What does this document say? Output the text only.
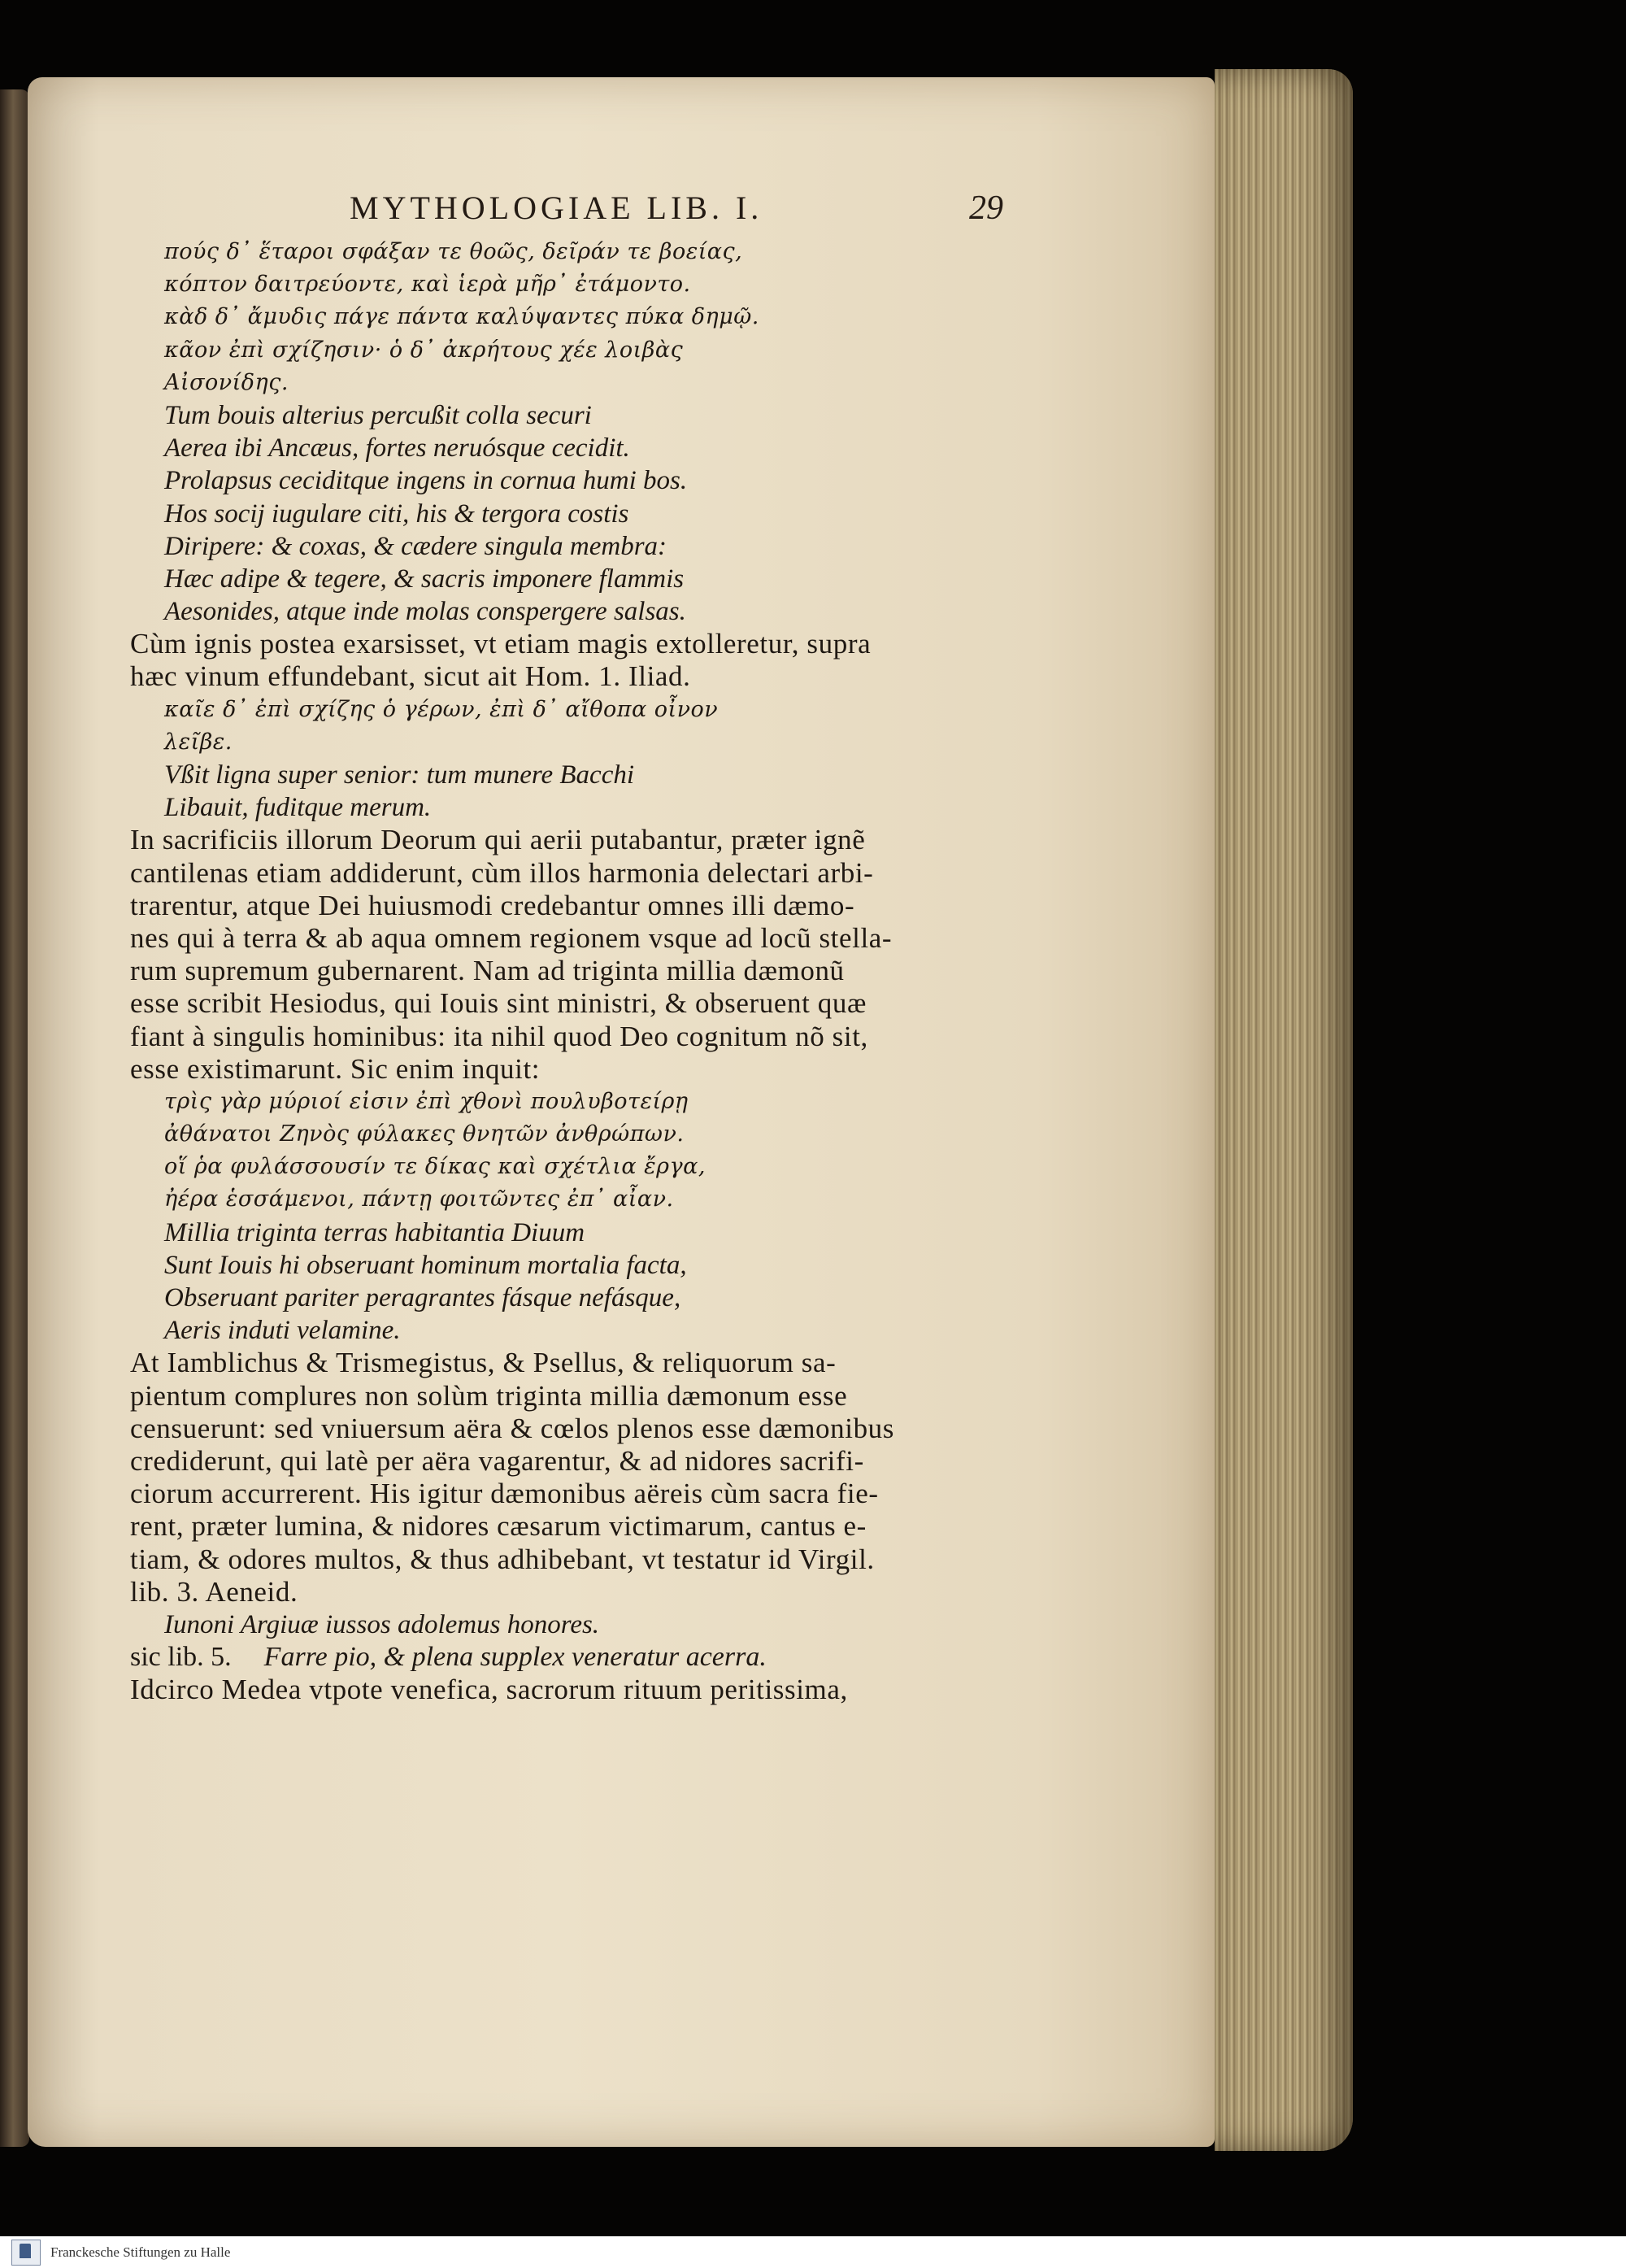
MYTHOLOGIAE LIB. I.	29
πούς δ᾽ ἕταροι σφάξαν τε θοῶς, δεῖράν τε βοείας,
κόπτον δαιτρεύοντε, καὶ ἱερὰ μῆρ᾽ ἐτάμοντο.
κὰδ δ᾽ ἄμυδις πάγε πάντα καλύψαντες πύκα δημῷ.
κᾶον ἐπὶ σχίζησιν· ὁ δ᾽ ἀκρήτους χέε λοιβὰς
Αἰσονίδης.
Tum bouis alterius percußit colla securi
Aerea ibi Ancæus, fortes neruósque cecidit.
Prolapsus ceciditque ingens in cornua humi bos.
Hos socij iugulare citi, his & tergora costis
Diripere: & coxas, & cædere singula membra:
Hæc adipe & tegere, & sacris imponere flammis
Aesonides, atque inde molas conspergere salsas.
Cùm ignis postea exarsisset, vt etiam magis extolleretur, supra
hæc vinum effundebant, sicut ait Hom. 1. Iliad.
καῖε δ᾽ ἐπὶ σχίζης ὁ γέρων, ἐπὶ δ᾽ αἴθοπα οἶνον
λεῖβε.
Vßit ligna super senior: tum munere Bacchi
Libauit, fuditque merum.
In sacrificiis illorum Deorum qui aerii putabantur, præter ignẽ
cantilenas etiam addiderunt, cùm illos harmonia delectari arbi-
trarentur, atque Dei huiusmodi credebantur omnes illi dæmo-
nes qui à terra & ab aqua omnem regionem vsque ad locũ stella-
rum supremum gubernarent. Nam ad triginta millia dæmonũ
esse scribit Hesiodus, qui Iouis sint ministri, & obseruent quæ
fiant à singulis hominibus: ita nihil quod Deo cognitum nõ sit,
esse existimarunt. Sic enim inquit:
τρὶς γὰρ μύριοί εἰσιν ἐπὶ χθονὶ πουλυβοτείρῃ
ἀθάνατοι Ζηνὸς φύλακες θνητῶν ἀνθρώπων.
οἵ ῥα φυλάσσουσίν τε δίκας καὶ σχέτλια ἔργα,
ἠέρα ἑσσάμενοι, πάντῃ φοιτῶντες ἐπ᾽ αἶαν.
Millia triginta terras habitantia Diuum
Sunt Iouis hi obseruant hominum mortalia facta,
Obseruant pariter peragrantes fásque nefásque,
Aeris induti velamine.
At Iamblichus & Trismegistus, & Psellus, & reliquorum sa-
pientum complures non solùm triginta millia dæmonum esse
censuerunt: sed vniuersum aëra & cœlos plenos esse dæmonibus
crediderunt, qui latè per aëra vagarentur, & ad nidores sacrifi-
ciorum accurrerent. His igitur dæmonibus aëreis cùm sacra fie-
rent, præter lumina, & nidores cæsarum victimarum, cantus e-
tiam, & odores multos, & thus adhibebant, vt testatur id Virgil.
lib. 3. Aeneid.
Iunoni Argiuæ iussos adolemus honores.
sic lib. 5. Farre pio, & plena supplex veneratur acerra.
Idcirco Medea vtpote venefica, sacrorum rituum peritissima,
Franckesche Stiftungen zu Halle
